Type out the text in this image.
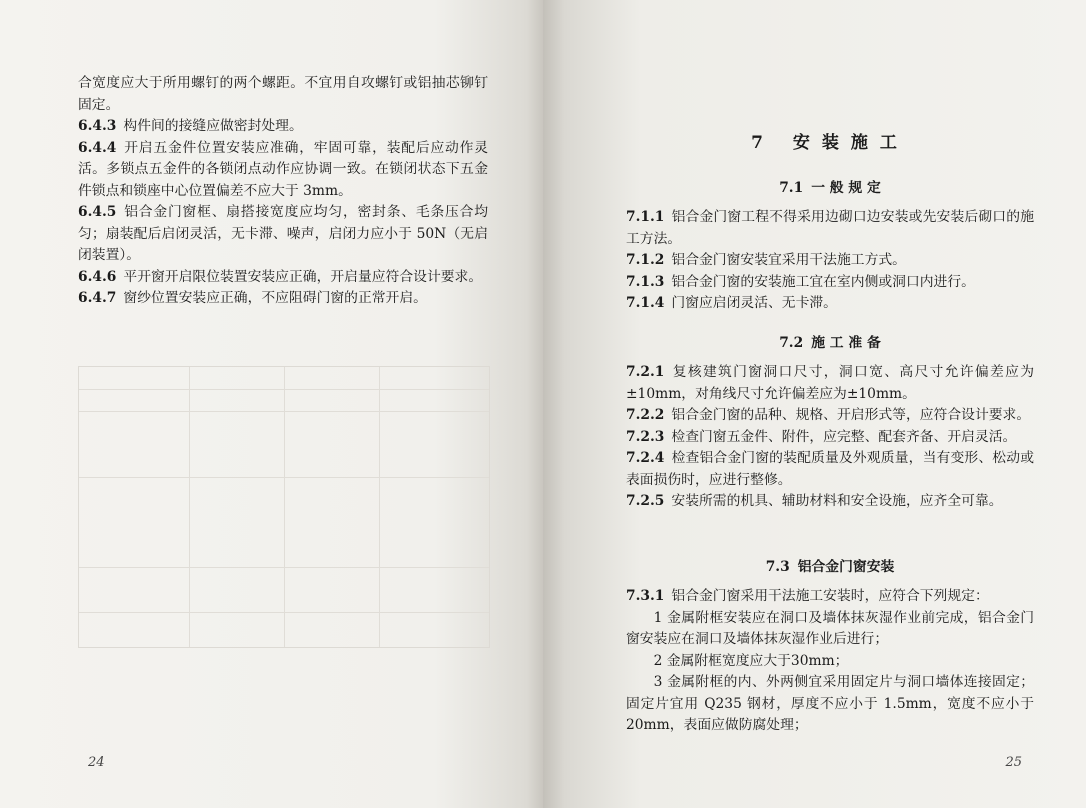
合宽度应大于所用螺钉的两个螺距。不宜用自攻螺钉或铝抽芯铆钉固定。

6.4.3 构件间的接缝应做密封处理。

6.4.4 开启五金件位置安装应准确，牢固可靠，装配后应动作灵活。多锁点五金件的各锁闭点动作应协调一致。在锁闭状态下五金件锁点和锁座中心位置偏差不应大于 3mm。

6.4.5 铝合金门窗框、扇搭接宽度应均匀，密封条、毛条压合均匀；扇装配后启闭灵活，无卡滞、噪声，启闭力应小于 50N（无启闭装置）。

6.4.6 平开窗开启限位装置安装应正确，开启量应符合设计要求。

6.4.7 窗纱位置安装应正确，不应阻碍门窗的正常开启。

24
7 安装施工
7.1 一 般 规 定

7.1.1 铝合金门窗工程不得采用边砌口边安装或先安装后砌口的施工方法。

7.1.2 铝合金门窗安装宜采用干法施工方式。

7.1.3 铝合金门窗的安装施工宜在室内侧或洞口内进行。

7.1.4 门窗应启闭灵活、无卡滞。

7.2 施 工 准 备

7.2.1 复核建筑门窗洞口尺寸，洞口宽、高尺寸允许偏差应为±10mm，对角线尺寸允许偏差应为±10mm。

7.2.2 铝合金门窗的品种、规格、开启形式等，应符合设计要求。

7.2.3 检查门窗五金件、附件，应完整、配套齐备、开启灵活。

7.2.4 检查铝合金门窗的装配质量及外观质量，当有变形、松动或表面损伤时，应进行整修。

7.2.5 安装所需的机具、辅助材料和安全设施，应齐全可靠。

7.3 铝合金门窗安装

7.3.1 铝合金门窗采用干法施工安装时，应符合下列规定：

1 金属附框安装应在洞口及墙体抹灰湿作业前完成，铝合金门窗安装应在洞口及墙体抹灰湿作业后进行；

2 金属附框宽度应大于30mm；

3 金属附框的内、外两侧宜采用固定片与洞口墙体连接固定；固定片宜用 Q235 钢材，厚度不应小于 1.5mm，宽度不应小于 20mm，表面应做防腐处理；

25
